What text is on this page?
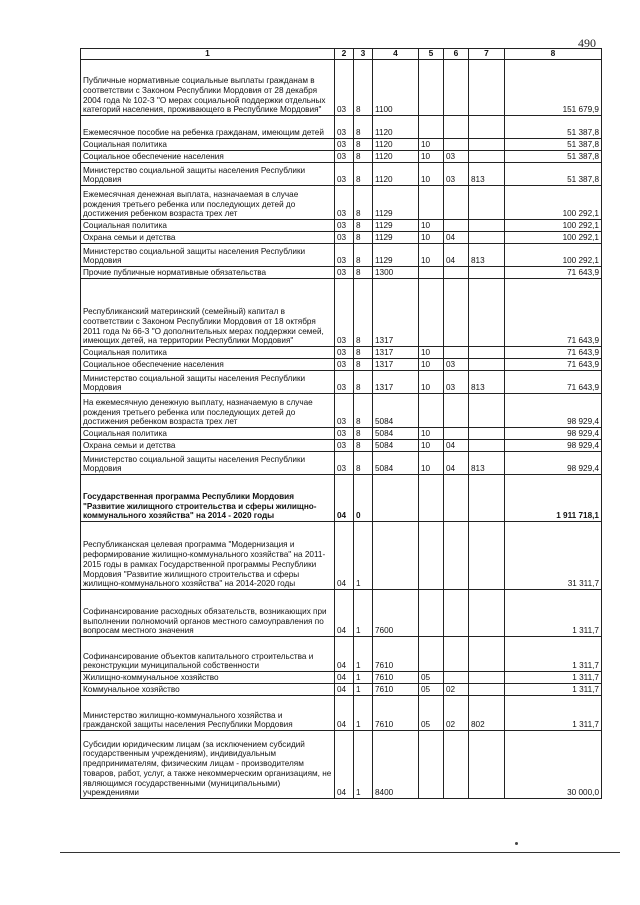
490
1	2	3	4	5	6	7	8
Публичные нормативные социальные выплаты гражданам в соответствии с Законом Республики Мордовия от 28 декабря 2004 года № 102-З "О мерах социальной поддержки отдельных категорий населения, проживающего в Республике Мордовия"	03	8	1100				151 679,9
Ежемесячное пособие на ребенка гражданам, имеющим детей	03	8	1120				51 387,8
Социальная политика	03	8	1120	10			51 387,8
Социальное обеспечение населения	03	8	1120	10	03		51 387,8
Министерство социальной защиты населения Республики Мордовия	03	8	1120	10	03	813	51 387,8
Ежемесячная денежная выплата, назначаемая в случае рождения третьего ребенка или последующих детей до достижения ребенком возраста трех лет	03	8	1129				100 292,1
Социальная политика	03	8	1129	10			100 292,1
Охрана семьи и детства	03	8	1129	10	04		100 292,1
Министерство социальной защиты населения Республики Мордовия	03	8	1129	10	04	813	100 292,1
Прочие публичные нормативные обязательства	03	8	1300				71 643,9
Республиканский материнский (семейный) капитал в соответствии с Законом Республики Мордовия от 18 октября 2011 года № 66-З "О дополнительных мерах поддержки семей, имеющих детей, на территории Республики Мордовия"	03	8	1317				71 643,9
Социальная политика	03	8	1317	10			71 643,9
Социальное обеспечение населения	03	8	1317	10	03		71 643,9
Министерство социальной защиты населения Республики Мордовия	03	8	1317	10	03	813	71 643,9
На ежемесячную денежную выплату, назначаемую в случае рождения третьего ребенка или последующих детей до достижения ребенком возраста трех лет	03	8	5084				98 929,4
Социальная политика	03	8	5084	10			98 929,4
Охрана семьи и детства	03	8	5084	10	04		98 929,4
Министерство социальной защиты населения Республики Мордовия	03	8	5084	10	04	813	98 929,4
Государственная программа Республики Мордовия "Развитие жилищного строительства и сферы жилищно-коммунального хозяйства" на 2014 - 2020 годы	04	0					1 911 718,1
Республиканская целевая программа "Модернизация и реформирование жилищно-коммунального хозяйства" на 2011-2015 годы в рамках Государственной программы Республики Мордовия "Развитие жилищного строительства и сферы жилищно-коммунального хозяйства" на 2014-2020 годы	04	1					31 311,7
Софинансирование расходных обязательств, возникающих при выполнении полномочий органов местного самоуправления по вопросам местного значения	04	1	7600				1 311,7
Софинансирование объектов капитального строительства и реконструкции муниципальной собственности	04	1	7610				1 311,7
Жилищно-коммунальное хозяйство	04	1	7610	05			1 311,7
Коммунальное хозяйство	04	1	7610	05	02		1 311,7
Министерство жилищно-коммунального хозяйства и гражданской защиты населения Республики Мордовия	04	1	7610	05	02	802	1 311,7
Субсидии юридическим лицам (за исключением субсидий государственным учреждениям), индивидуальным предпринимателям, физическим лицам - производителям товаров, работ, услуг, а также некоммерческим организациям, не являющимся государственными (муниципальными) учреждениями	04	1	8400				30 000,0
